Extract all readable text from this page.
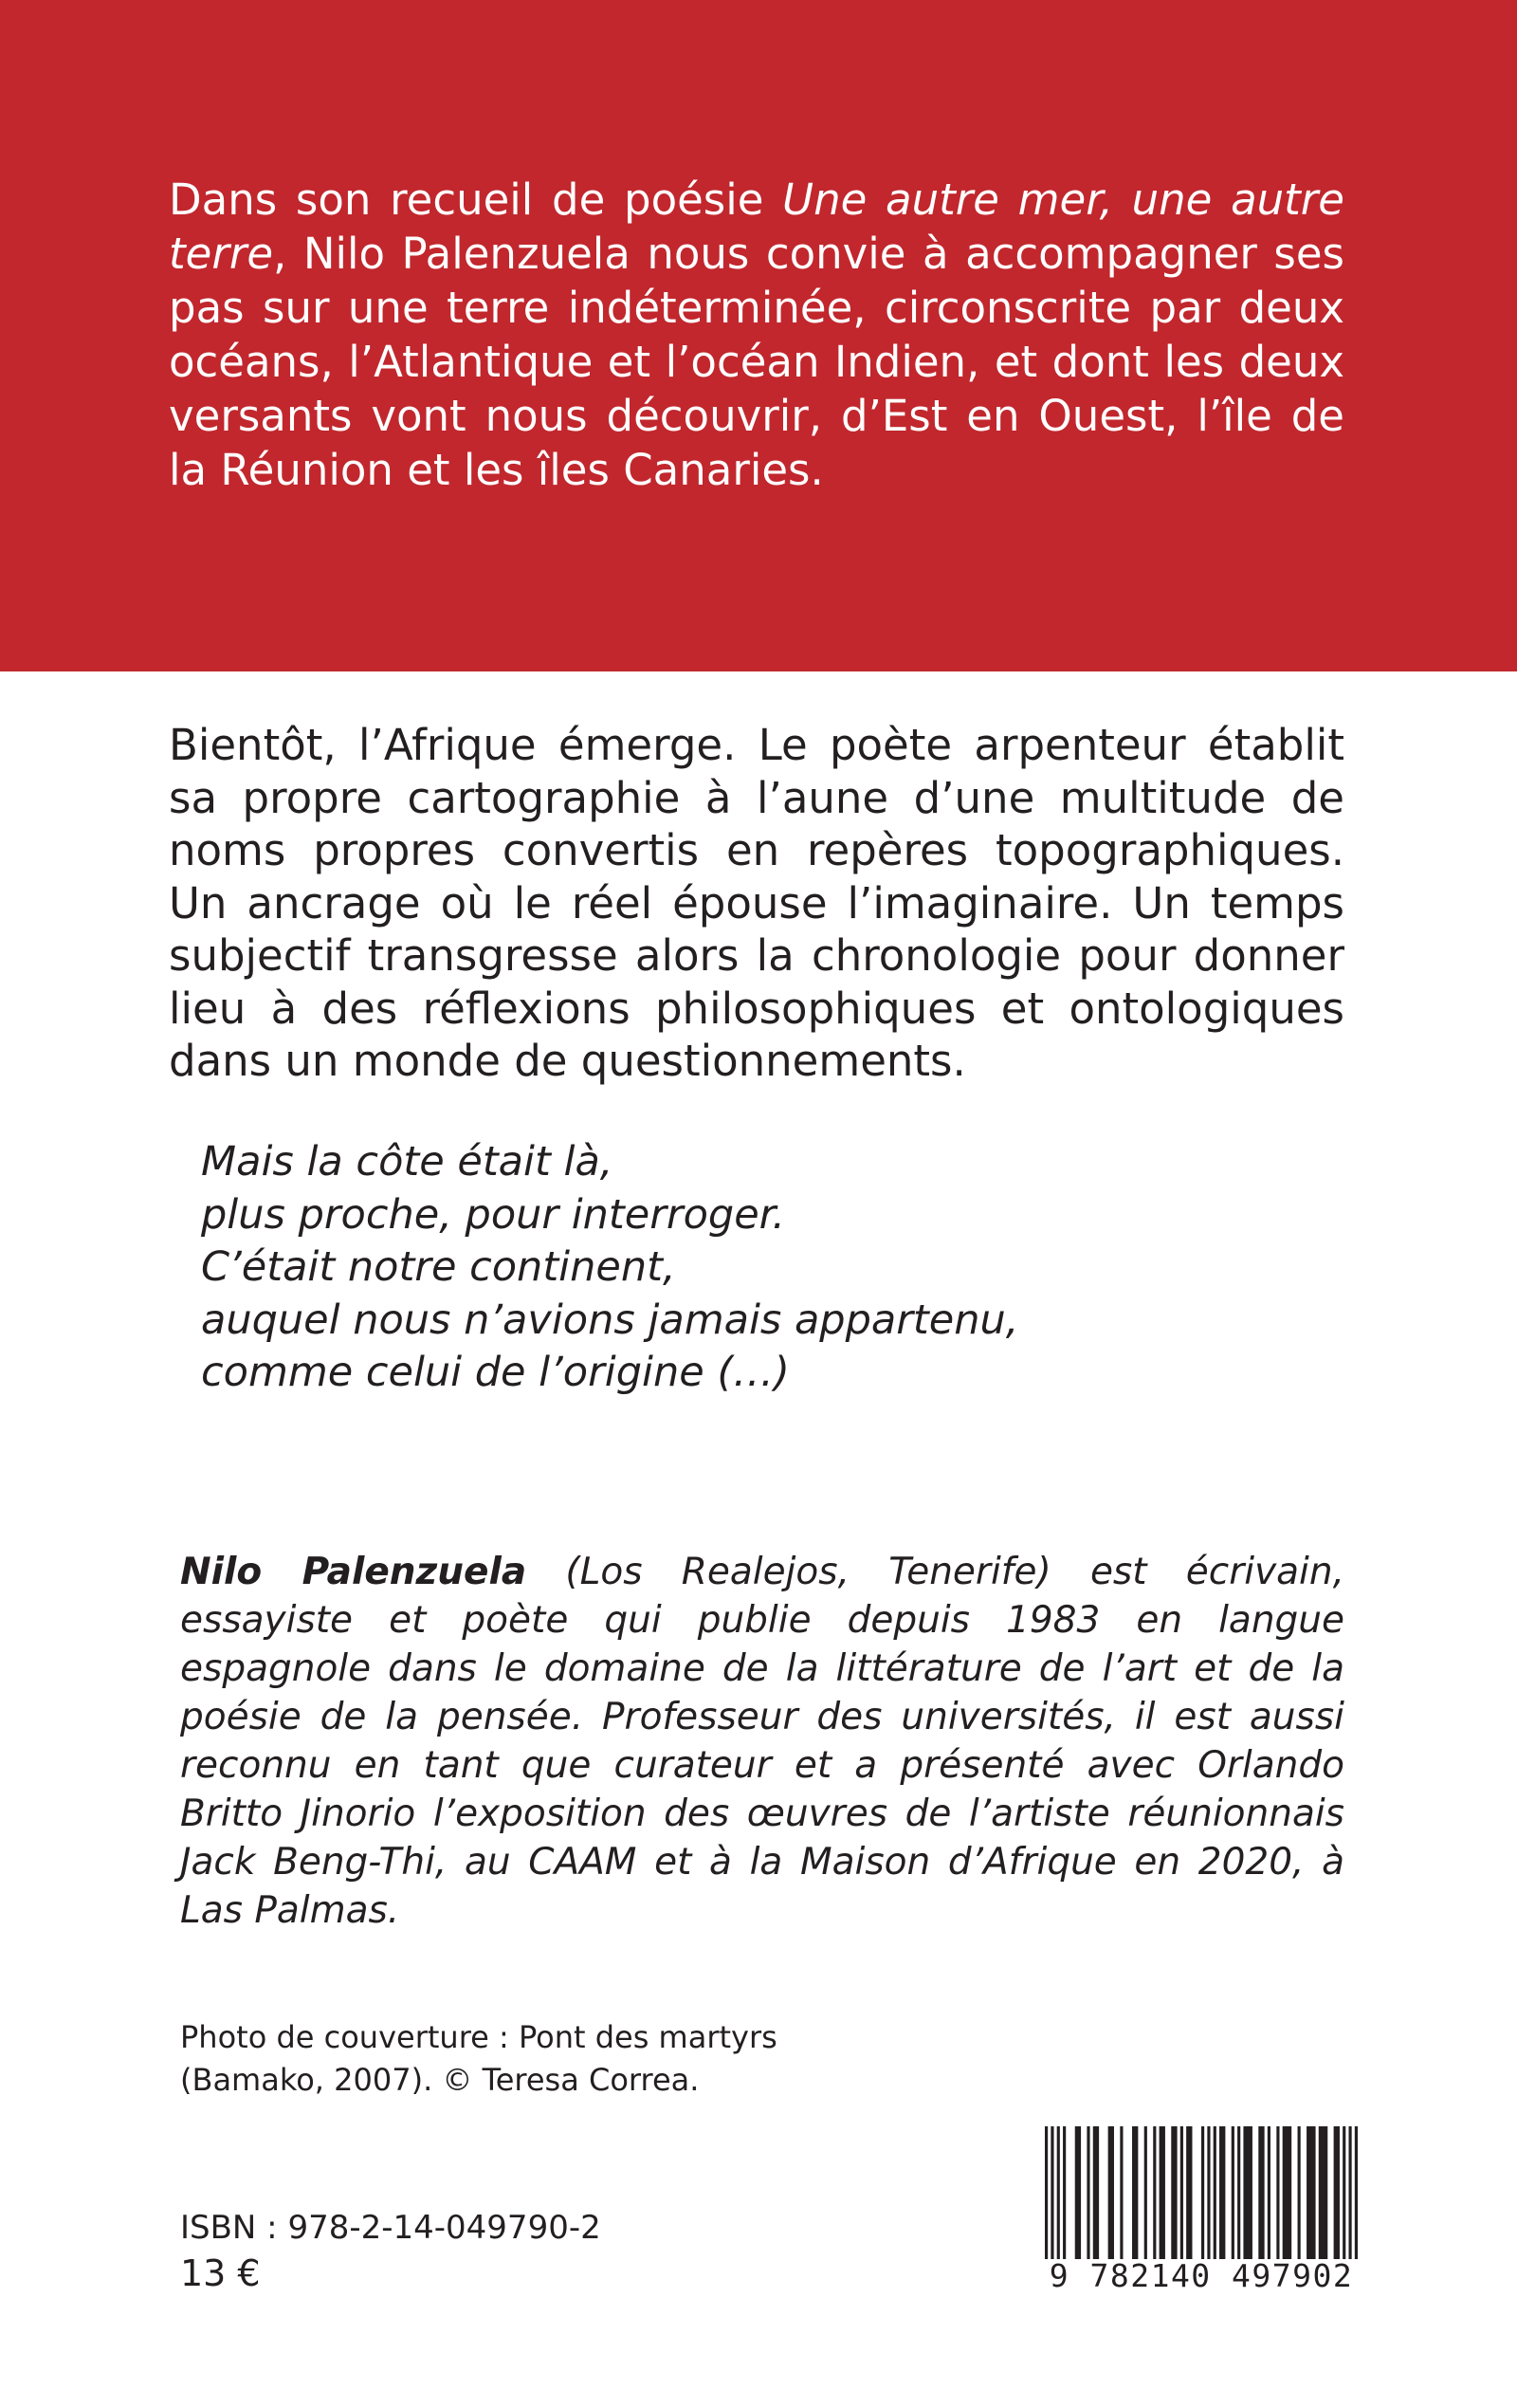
Dans son recueil de poésie Une autre mer, une autre terre, Nilo Palenzuela nous convie à accompagner ses pas sur une terre indéterminée, circonscrite par deux océans, l’Atlantique et l’océan Indien, et dont les deux versants vont nous découvrir, d’Est en Ouest, l’île de la Réunion et les îles Canaries.

Bientôt, l’Afrique émerge. Le poète arpenteur établit sa propre cartographie à l’aune d’une multitude de noms propres convertis en repères topographiques. Un ancrage où le réel épouse l’imaginaire. Un temps subjectif transgresse alors la chronologie pour donner lieu à des réflexions philosophiques et ontologiques dans un monde de questionnements.

Mais la côte était là,
plus proche, pour interroger.
C’était notre continent,
auquel nous n’avions jamais appartenu,
comme celui de l’origine (…)

Nilo Palenzuela (Los Realejos, Tenerife) est écrivain, essayiste et poète qui publie depuis 1983 en langue espagnole dans le domaine de la littérature de l’art et de la poésie de la pensée. Professeur des universités, il est aussi reconnu en tant que curateur et a présenté avec Orlando Britto Jinorio l’exposition des œuvres de l’artiste réunionnais Jack Beng-Thi, au CAAM et à la Maison d’Afrique en 2020, à Las Palmas.

Photo de couverture : Pont des martyrs
(Bamako, 2007). © Teresa Correa.

ISBN : 978-2-14-049790-2
13 €	9 782140 497902
